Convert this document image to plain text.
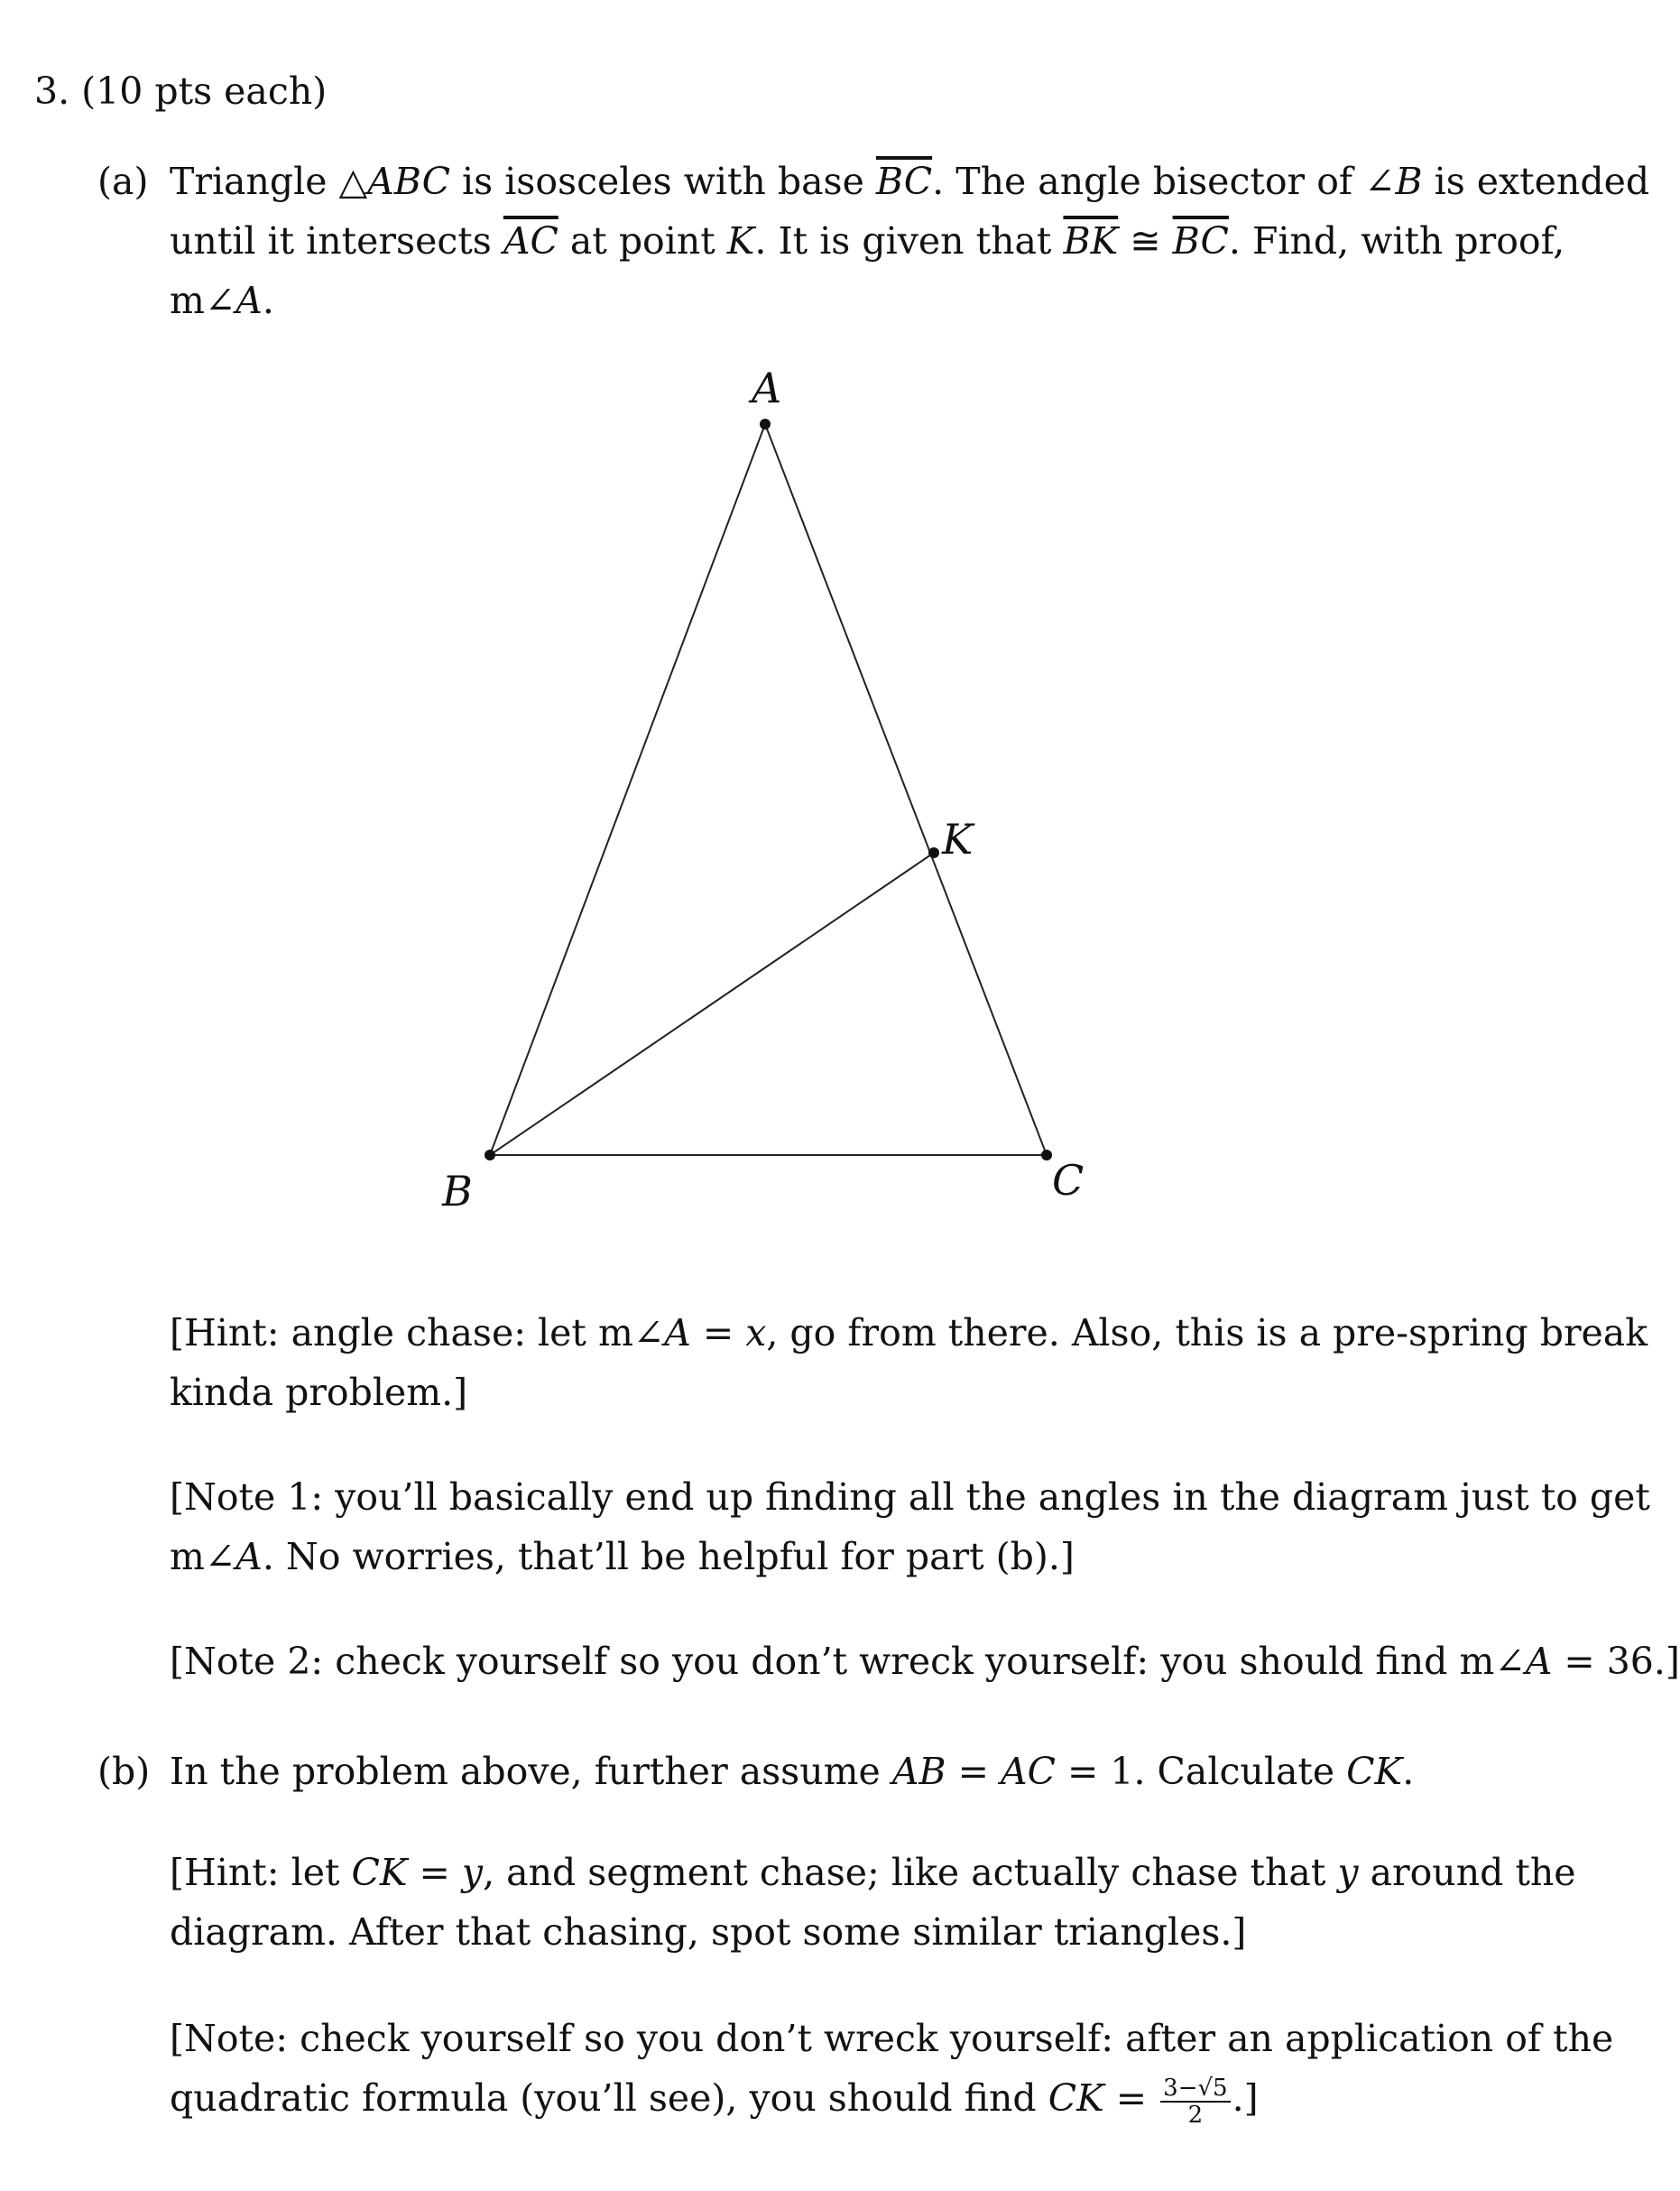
3. (10 pts each)
(a) Triangle △ABC is isosceles with base $\overline{BC}$. The angle bisector of ∠B is extended
until it intersects $\overline{AC}$ at point K. It is given that $\overline{BK}$ ≅ $\overline{BC}$. Find, with proof,
m∠A.
A
B	C
K
[Hint: angle chase: let m∠A = x, go from there. Also, this is a pre-spring break
kinda problem.]
[Note 1: you’ll basically end up finding all the angles in the diagram just to get
m∠A. No worries, that’ll be helpful for part (b).]
[Note 2: check yourself so you don’t wreck yourself: you should find m∠A = 36.]
(b) In the problem above, further assume AB = AC = 1. Calculate CK.
[Hint: let CK = y, and segment chase; like actually chase that y around the
diagram. After that chasing, spot some similar triangles.]
[Note: check yourself so you don’t wreck yourself: after an application of the
quadratic formula (you’ll see), you should find CK = $\frac{3-√5}{2}$ .]
